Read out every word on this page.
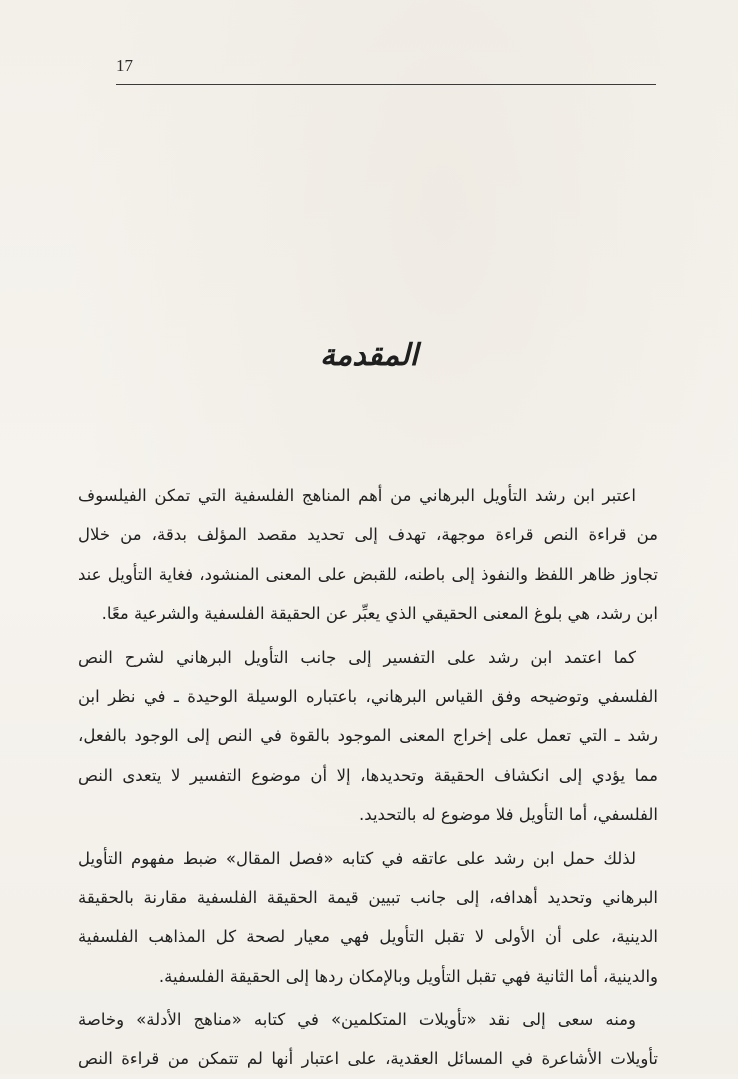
17
المقدمة
اعتبر ابن رشد التأويل البرهاني من أهم المناهج الفلسفية التي تمكن الفيلسوف
من قراءة النص قراءة موجهة، تهدف إلى تحديد مقصد المؤلف بدقة، من خلال
تجاوز ظاهر اللفظ والنفوذ إلى باطنه، للقبض على المعنى المنشود، فغاية التأويل عند
ابن رشد، هي بلوغ المعنى الحقيقي الذي يعبِّر عن الحقيقة الفلسفية والشرعية معًا.
كما اعتمد ابن رشد على التفسير إلى جانب التأويل البرهاني لشرح النص
الفلسفي وتوضيحه وفق القياس البرهاني، باعتباره الوسيلة الوحيدة ـ في نظر ابن
رشد ـ التي تعمل على إخراج المعنى الموجود بالقوة في النص إلى الوجود بالفعل،
مما يؤدي إلى انكشاف الحقيقة وتحديدها، إلا أن موضوع التفسير لا يتعدى النص
الفلسفي، أما التأويل فلا موضوع له بالتحديد.
لذلك حمل ابن رشد على عاتقه في كتابه «فصل المقال» ضبط مفهوم التأويل
البرهاني وتحديد أهدافه، إلى جانب تبيين قيمة الحقيقة الفلسفية مقارنة بالحقيقة
الدينية، على أن الأولى لا تقبل التأويل فهي معيار لصحة كل المذاهب الفلسفية
والدينية، أما الثانية فهي تقبل التأويل وبالإمكان ردها إلى الحقيقة الفلسفية.
ومنه سعى إلى نقد «تأويلات المتكلمين» في كتابه «مناهج الأدلة» وخاصة
تأويلات الأشاعرة في المسائل العقدية، على اعتبار أنها لم تتمكن من قراءة النص
